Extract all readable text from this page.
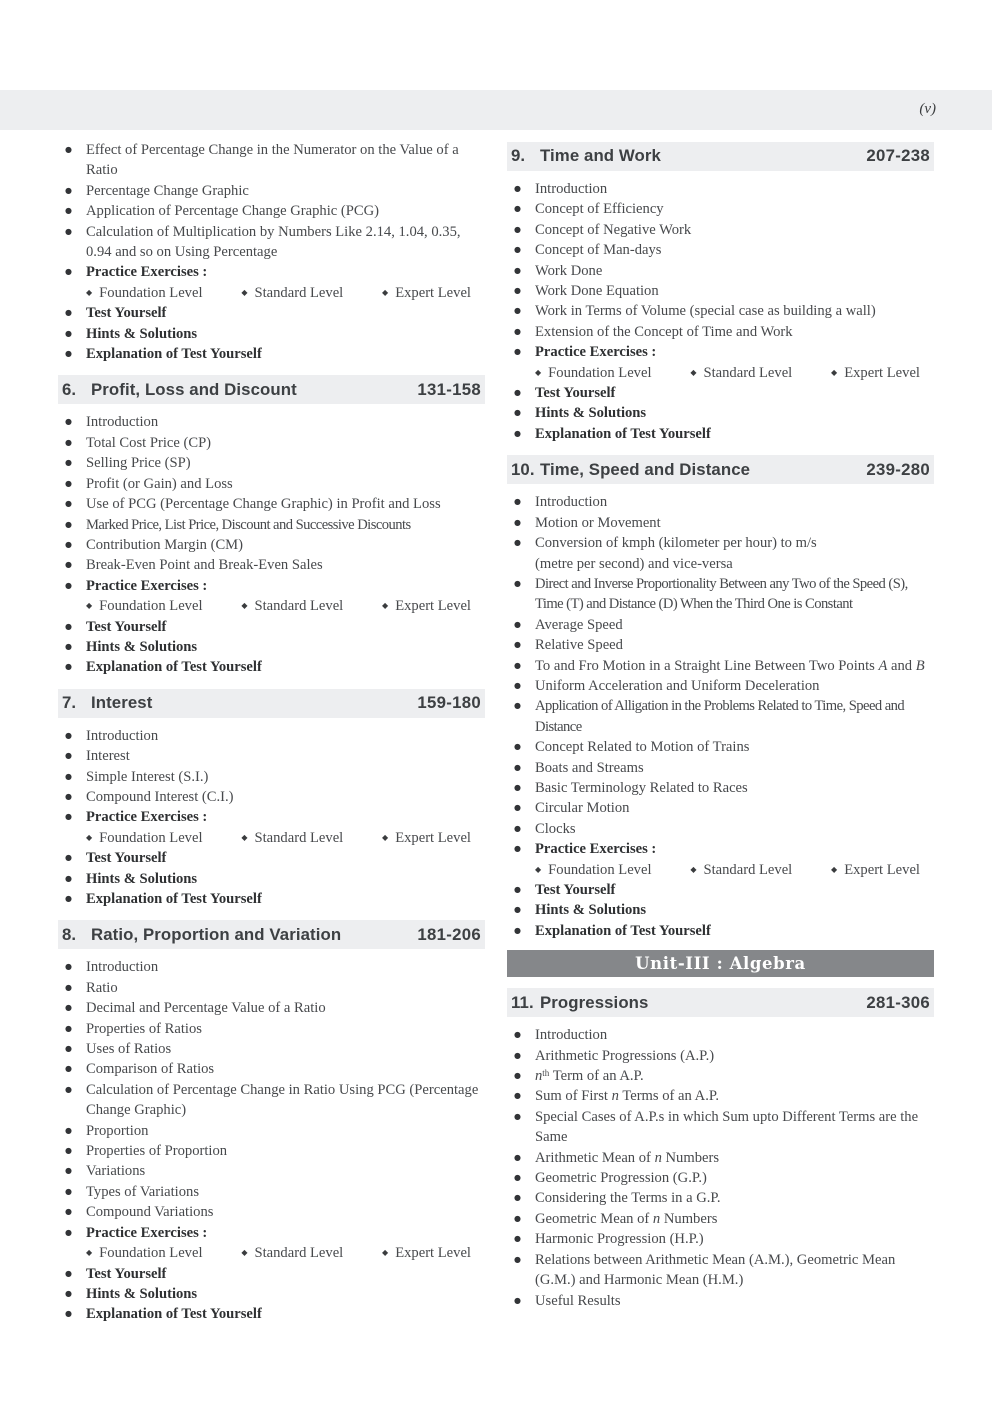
(v)
● Effect of Percentage Change in the Numerator on the Value of a Ratio
● Percentage Change Graphic
● Application of Percentage Change Graphic (PCG)
● Calculation of Multiplication by Numbers Like 2.14, 1.04, 0.35, 0.94 and so on Using Percentage
● Practice Exercises :
◆ Foundation Level	◆ Standard Level	◆ Expert Level
● Test Yourself
● Hints & Solutions
● Explanation of Test Yourself
6. Profit, Loss and Discount	131-158
● Introduction
● Total Cost Price (CP)
● Selling Price (SP)
● Profit (or Gain) and Loss
● Use of PCG (Percentage Change Graphic) in Profit and Loss
● Marked Price, List Price, Discount and Successive Discounts
● Contribution Margin (CM)
● Break-Even Point and Break-Even Sales
● Practice Exercises :
◆ Foundation Level	◆ Standard Level	◆ Expert Level
● Test Yourself
● Hints & Solutions
● Explanation of Test Yourself
7. Interest	159-180
● Introduction
● Interest
● Simple Interest (S.I.)
● Compound Interest (C.I.)
● Practice Exercises :
◆ Foundation Level	◆ Standard Level	◆ Expert Level
● Test Yourself
● Hints & Solutions
● Explanation of Test Yourself
8. Ratio, Proportion and Variation	181-206
● Introduction
● Ratio
● Decimal and Percentage Value of a Ratio
● Properties of Ratios
● Uses of Ratios
● Comparison of Ratios
● Calculation of Percentage Change in Ratio Using PCG (Percentage Change Graphic)
● Proportion
● Properties of Proportion
● Variations
● Types of Variations
● Compound Variations
● Practice Exercises :
◆ Foundation Level	◆ Standard Level	◆ Expert Level
● Test Yourself
● Hints & Solutions
● Explanation of Test Yourself
9. Time and Work	207-238
● Introduction
● Concept of Efficiency
● Concept of Negative Work
● Concept of Man-days
● Work Done
● Work Done Equation
● Work in Terms of Volume (special case as building a wall)
● Extension of the Concept of Time and Work
● Practice Exercises :
◆ Foundation Level	◆ Standard Level	◆ Expert Level
● Test Yourself
● Hints & Solutions
● Explanation of Test Yourself
10. Time, Speed and Distance	239-280
● Introduction
● Motion or Movement
● Conversion of kmph (kilometer per hour) to m/s
(metre per second) and vice-versa
● Direct and Inverse Proportionality Between any Two of the Speed (S), Time (T) and Distance (D) When the Third One is Constant
● Average Speed
● Relative Speed
● To and Fro Motion in a Straight Line Between Two Points A and B
● Uniform Acceleration and Uniform Deceleration
● Application of Alligation in the Problems Related to Time, Speed and Distance
● Concept Related to Motion of Trains
● Boats and Streams
● Basic Terminology Related to Races
● Circular Motion
● Clocks
● Practice Exercises :
◆ Foundation Level	◆ Standard Level	◆ Expert Level
● Test Yourself
● Hints & Solutions
● Explanation of Test Yourself
Unit-III : Algebra
11. Progressions	281-306
● Introduction
● Arithmetic Progressions (A.P.)
● $n^{th}$ Term of an A.P.
● Sum of First n Terms of an A.P.
● Special Cases of A.P.s in which Sum upto Different Terms are the Same
● Arithmetic Mean of n Numbers
● Geometric Progression (G.P.)
● Considering the Terms in a G.P.
● Geometric Mean of n Numbers
● Harmonic Progression (H.P.)
● Relations between Arithmetic Mean (A.M.), Geometric Mean (G.M.) and Harmonic Mean (H.M.)
● Useful Results
